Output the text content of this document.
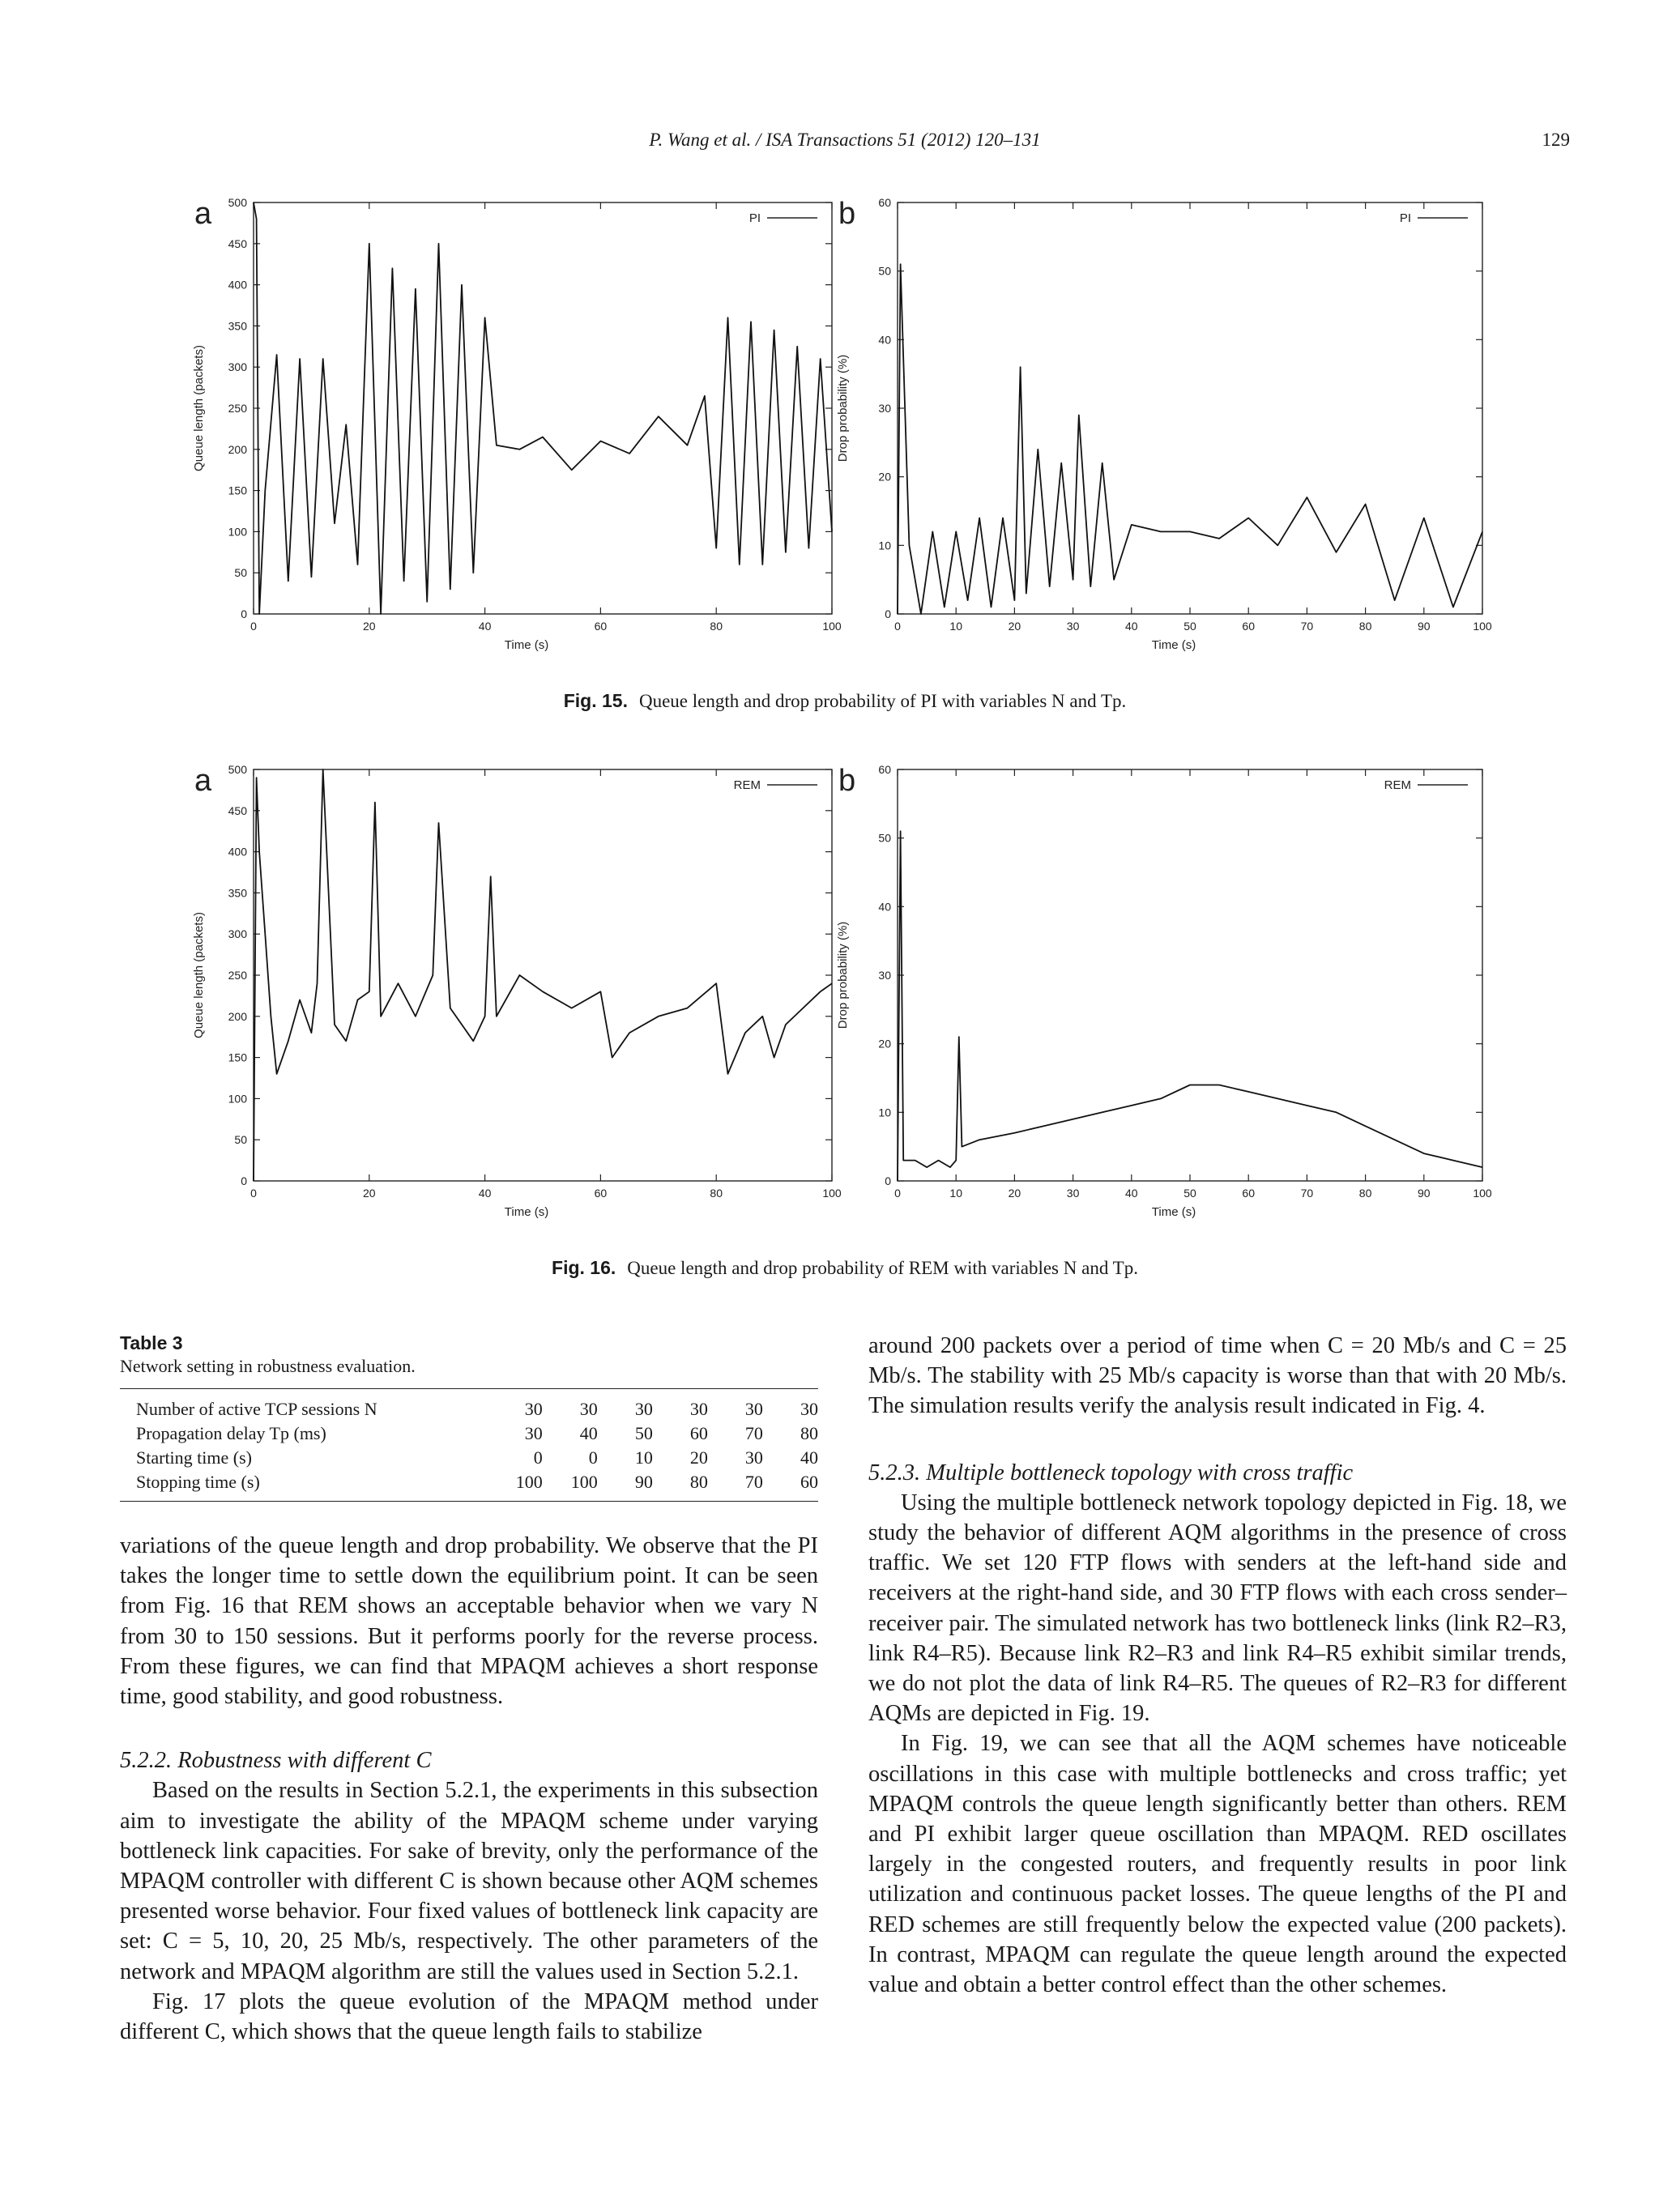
P. Wang et al. / ISA Transactions 51 (2012) 120–131	129
0	20	40	60	80	100
0
50
100
150
200
250
300
350
400
450
500
Time (s)
Queue length (packets)
a	PI
0	10	20	30	40	50	60	70	80	90	100
0
10
20
30
40
50
60
Time (s)
Drop probability (%)
b	PI
Fig. 15. Queue length and drop probability of PI with variables N and Tp.
0	20	40	60	80	100
0
50
100
150
200
250
300
350
400
450
500
Time (s)
Queue length (packets)
a	REM
0	10	20	30	40	50	60	70	80	90	100
0
10
20
30
40
50
60
Time (s)
Drop probability (%)
b	REM
Fig. 16. Queue length and drop probability of REM with variables N and Tp.
Table 3
Network setting in robustness evaluation.
Number of active TCP sessions N	30	30	30	30	30	30
Propagation delay Tp (ms)	30	40	50	60	70	80
Starting time (s)	0	0	10	20	30	40
Stopping time (s)	100	100	90	80	70	60

variations of the queue length and drop probability. We observe that the PI takes the longer time to settle down the equilibrium point. It can be seen from Fig. 16 that REM shows an acceptable behavior when we vary N from 30 to 150 sessions. But it performs poorly for the reverse process. From these figures, we can find that MPAQM achieves a short response time, good stability, and good robustness.

5.2.2. Robustness with different C

Based on the results in Section 5.2.1, the experiments in this subsection aim to investigate the ability of the MPAQM scheme under varying bottleneck link capacities. For sake of brevity, only the performance of the MPAQM controller with different C is shown because other AQM schemes presented worse behavior. Four fixed values of bottleneck link capacity are set: C = 5, 10, 20, 25 Mb/s, respectively. The other parameters of the network and MPAQM algorithm are still the values used in Section 5.2.1.

Fig. 17 plots the queue evolution of the MPAQM method under different C, which shows that the queue length fails to stabilize

around 200 packets over a period of time when C = 20 Mb/s and C = 25 Mb/s. The stability with 25 Mb/s capacity is worse than that with 20 Mb/s. The simulation results verify the analysis result indicated in Fig. 4.

5.2.3. Multiple bottleneck topology with cross traffic

Using the multiple bottleneck network topology depicted in Fig. 18, we study the behavior of different AQM algorithms in the presence of cross traffic. We set 120 FTP flows with senders at the left-hand side and receivers at the right-hand side, and 30 FTP flows with each cross sender–receiver pair. The simulated network has two bottleneck links (link R2–R3, link R4–R5). Because link R2–R3 and link R4–R5 exhibit similar trends, we do not plot the data of link R4–R5. The queues of R2–R3 for different AQMs are depicted in Fig. 19.

In Fig. 19, we can see that all the AQM schemes have noticeable oscillations in this case with multiple bottlenecks and cross traffic; yet MPAQM controls the queue length significantly better than others. REM and PI exhibit larger queue oscillation than MPAQM. RED oscillates largely in the congested routers, and frequently results in poor link utilization and continuous packet losses. The queue lengths of the PI and RED schemes are still frequently below the expected value (200 packets). In contrast, MPAQM can regulate the queue length around the expected value and obtain a better control effect than the other schemes.
